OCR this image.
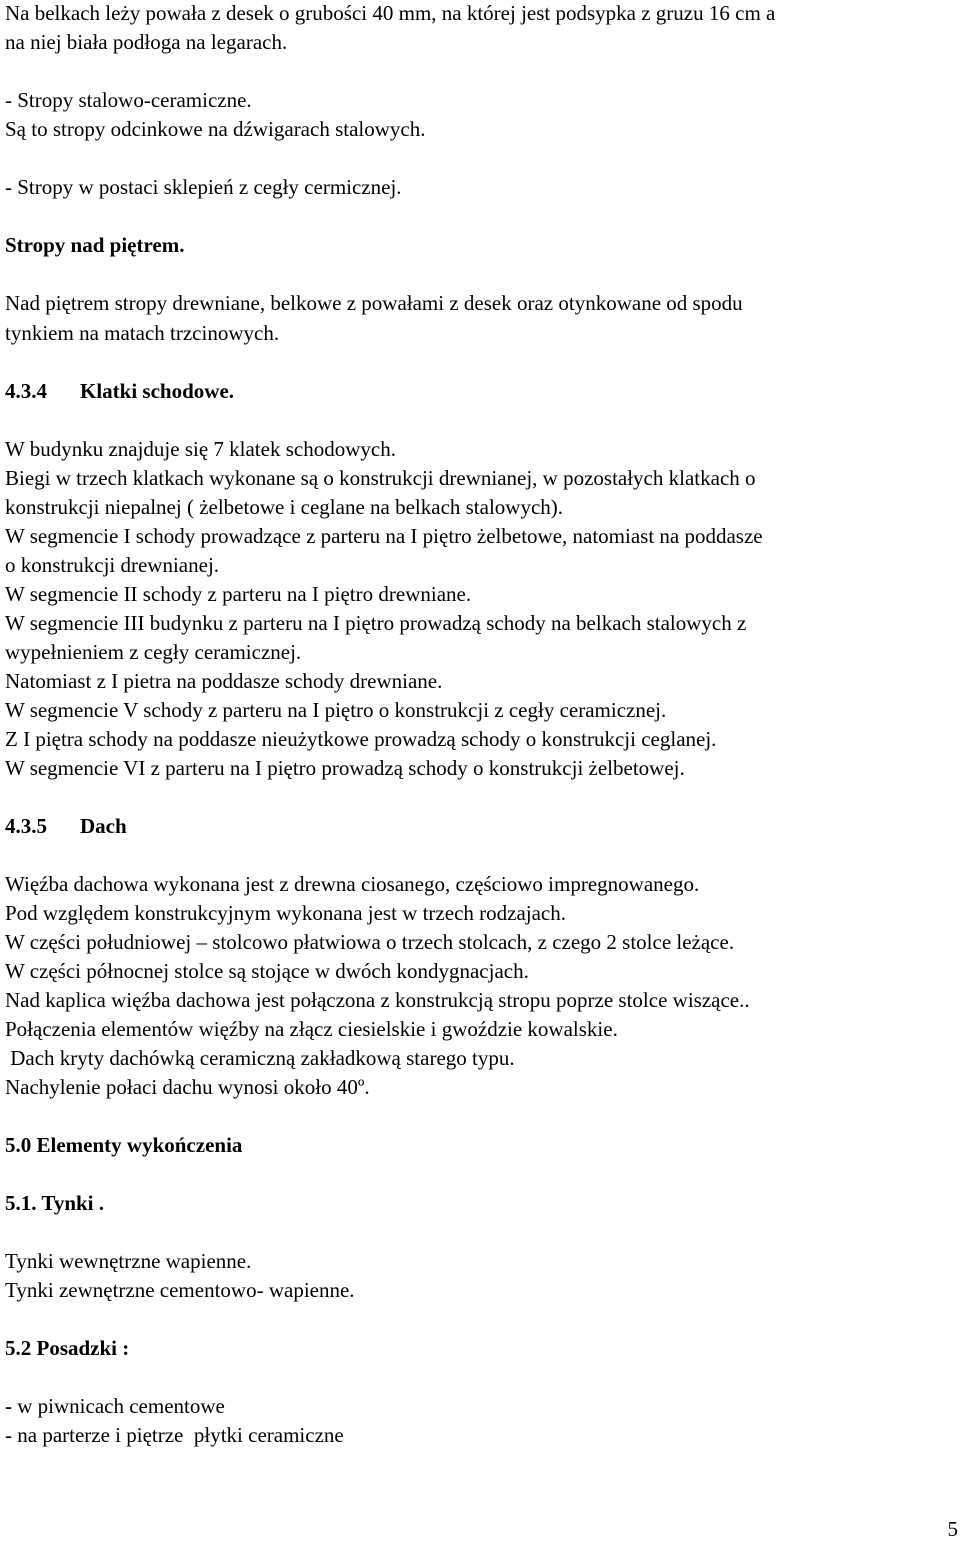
Na belkach leży powała z desek o grubości 40 mm, na której jest podsypka z gruzu 16 cm a
na niej biała podłoga na legarach.
- Stropy stalowo-ceramiczne.
Są to stropy odcinkowe na dźwigarach stalowych.
- Stropy w postaci sklepień z cegły cermicznej.
Stropy nad piętrem.
Nad piętrem stropy drewniane, belkowe z powałami z desek oraz otynkowane od spodu
tynkiem na matach trzcinowych.
4.3.4 Klatki schodowe.
W budynku znajduje się 7 klatek schodowych.
Biegi w trzech klatkach wykonane są o konstrukcji drewnianej, w pozostałych klatkach o
konstrukcji niepalnej ( żelbetowe i ceglane na belkach stalowych).
W segmencie I schody prowadzące z parteru na I piętro żelbetowe, natomiast na poddasze
o konstrukcji drewnianej.
W segmencie II schody z parteru na I piętro drewniane.
W segmencie III budynku z parteru na I piętro prowadzą schody na belkach stalowych z
wypełnieniem z cegły ceramicznej.
Natomiast z I pietra na poddasze schody drewniane.
W segmencie V schody z parteru na I piętro o konstrukcji z cegły ceramicznej.
Z I piętra schody na poddasze nieużytkowe prowadzą schody o konstrukcji ceglanej.
W segmencie VI z parteru na I piętro prowadzą schody o konstrukcji żelbetowej.
4.3.5 Dach
Więźba dachowa wykonana jest z drewna ciosanego, częściowo impregnowanego.
Pod względem konstrukcyjnym wykonana jest w trzech rodzajach.
W części południowej – stolcowo płatwiowa o trzech stolcach, z czego 2 stolce leżące.
W części północnej stolce są stojące w dwóch kondygnacjach.
Nad kaplica więźba dachowa jest połączona z konstrukcją stropu poprze stolce wiszące..
Połączenia elementów więźby na złącz ciesielskie i gwoździe kowalskie.
Dach kryty dachówką ceramiczną zakładkową starego typu.
Nachylenie połaci dachu wynosi około 40º.
5.0 Elementy wykończenia
5.1. Tynki .
Tynki wewnętrzne wapienne.
Tynki zewnętrzne cementowo- wapienne.
5.2 Posadzki :
- w piwnicach cementowe
- na parterze i piętrze  płytki ceramiczne
5
